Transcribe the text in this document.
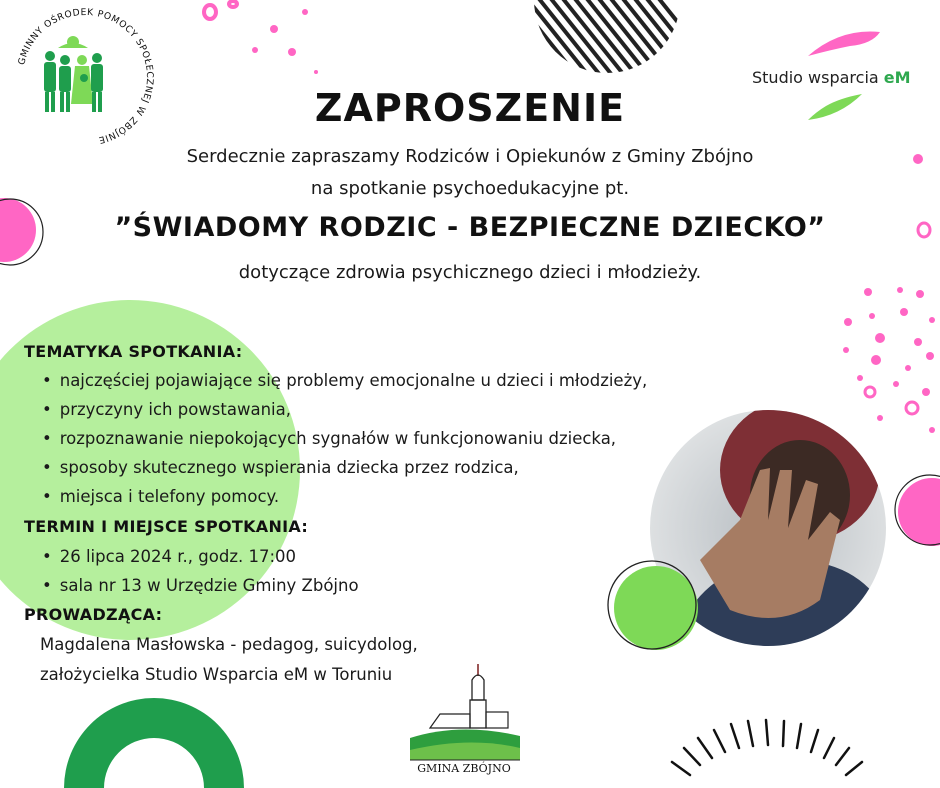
GMINNY OŚRODEK POMOCY SPOŁECZNEJ W ZBÓJNIE
Studio wsparcia eM
ZAPROSZENIE
Serdecznie zapraszamy Rodziców i Opiekunów z Gminy Zbójno
na spotkanie psychoedukacyjne pt.
”ŚWIADOMY RODZIC - BEZPIECZNE DZIECKO”
dotyczące zdrowia psychicznego dzieci i młodzieży.
TEMATYKA SPOTKANIA:
• najczęściej pojawiające się problemy emocjonalne u dzieci i młodzieży,
• przyczyny ich powstawania,
• rozpoznawanie niepokojących sygnałów w funkcjonowaniu dziecka,
• sposoby skutecznego wspierania dziecka przez rodzica,
• miejsca i telefony pomocy.
TERMIN I MIEJSCE SPOTKANIA:
• 26 lipca 2024 r., godz. 17:00
• sala nr 13 w Urzędzie Gminy Zbójno
PROWADZĄCA:
Magdalena Masłowska - pedagog, suicydolog,
założycielka Studio Wsparcia eM w Toruniu
GMINA ZBÓJNO
